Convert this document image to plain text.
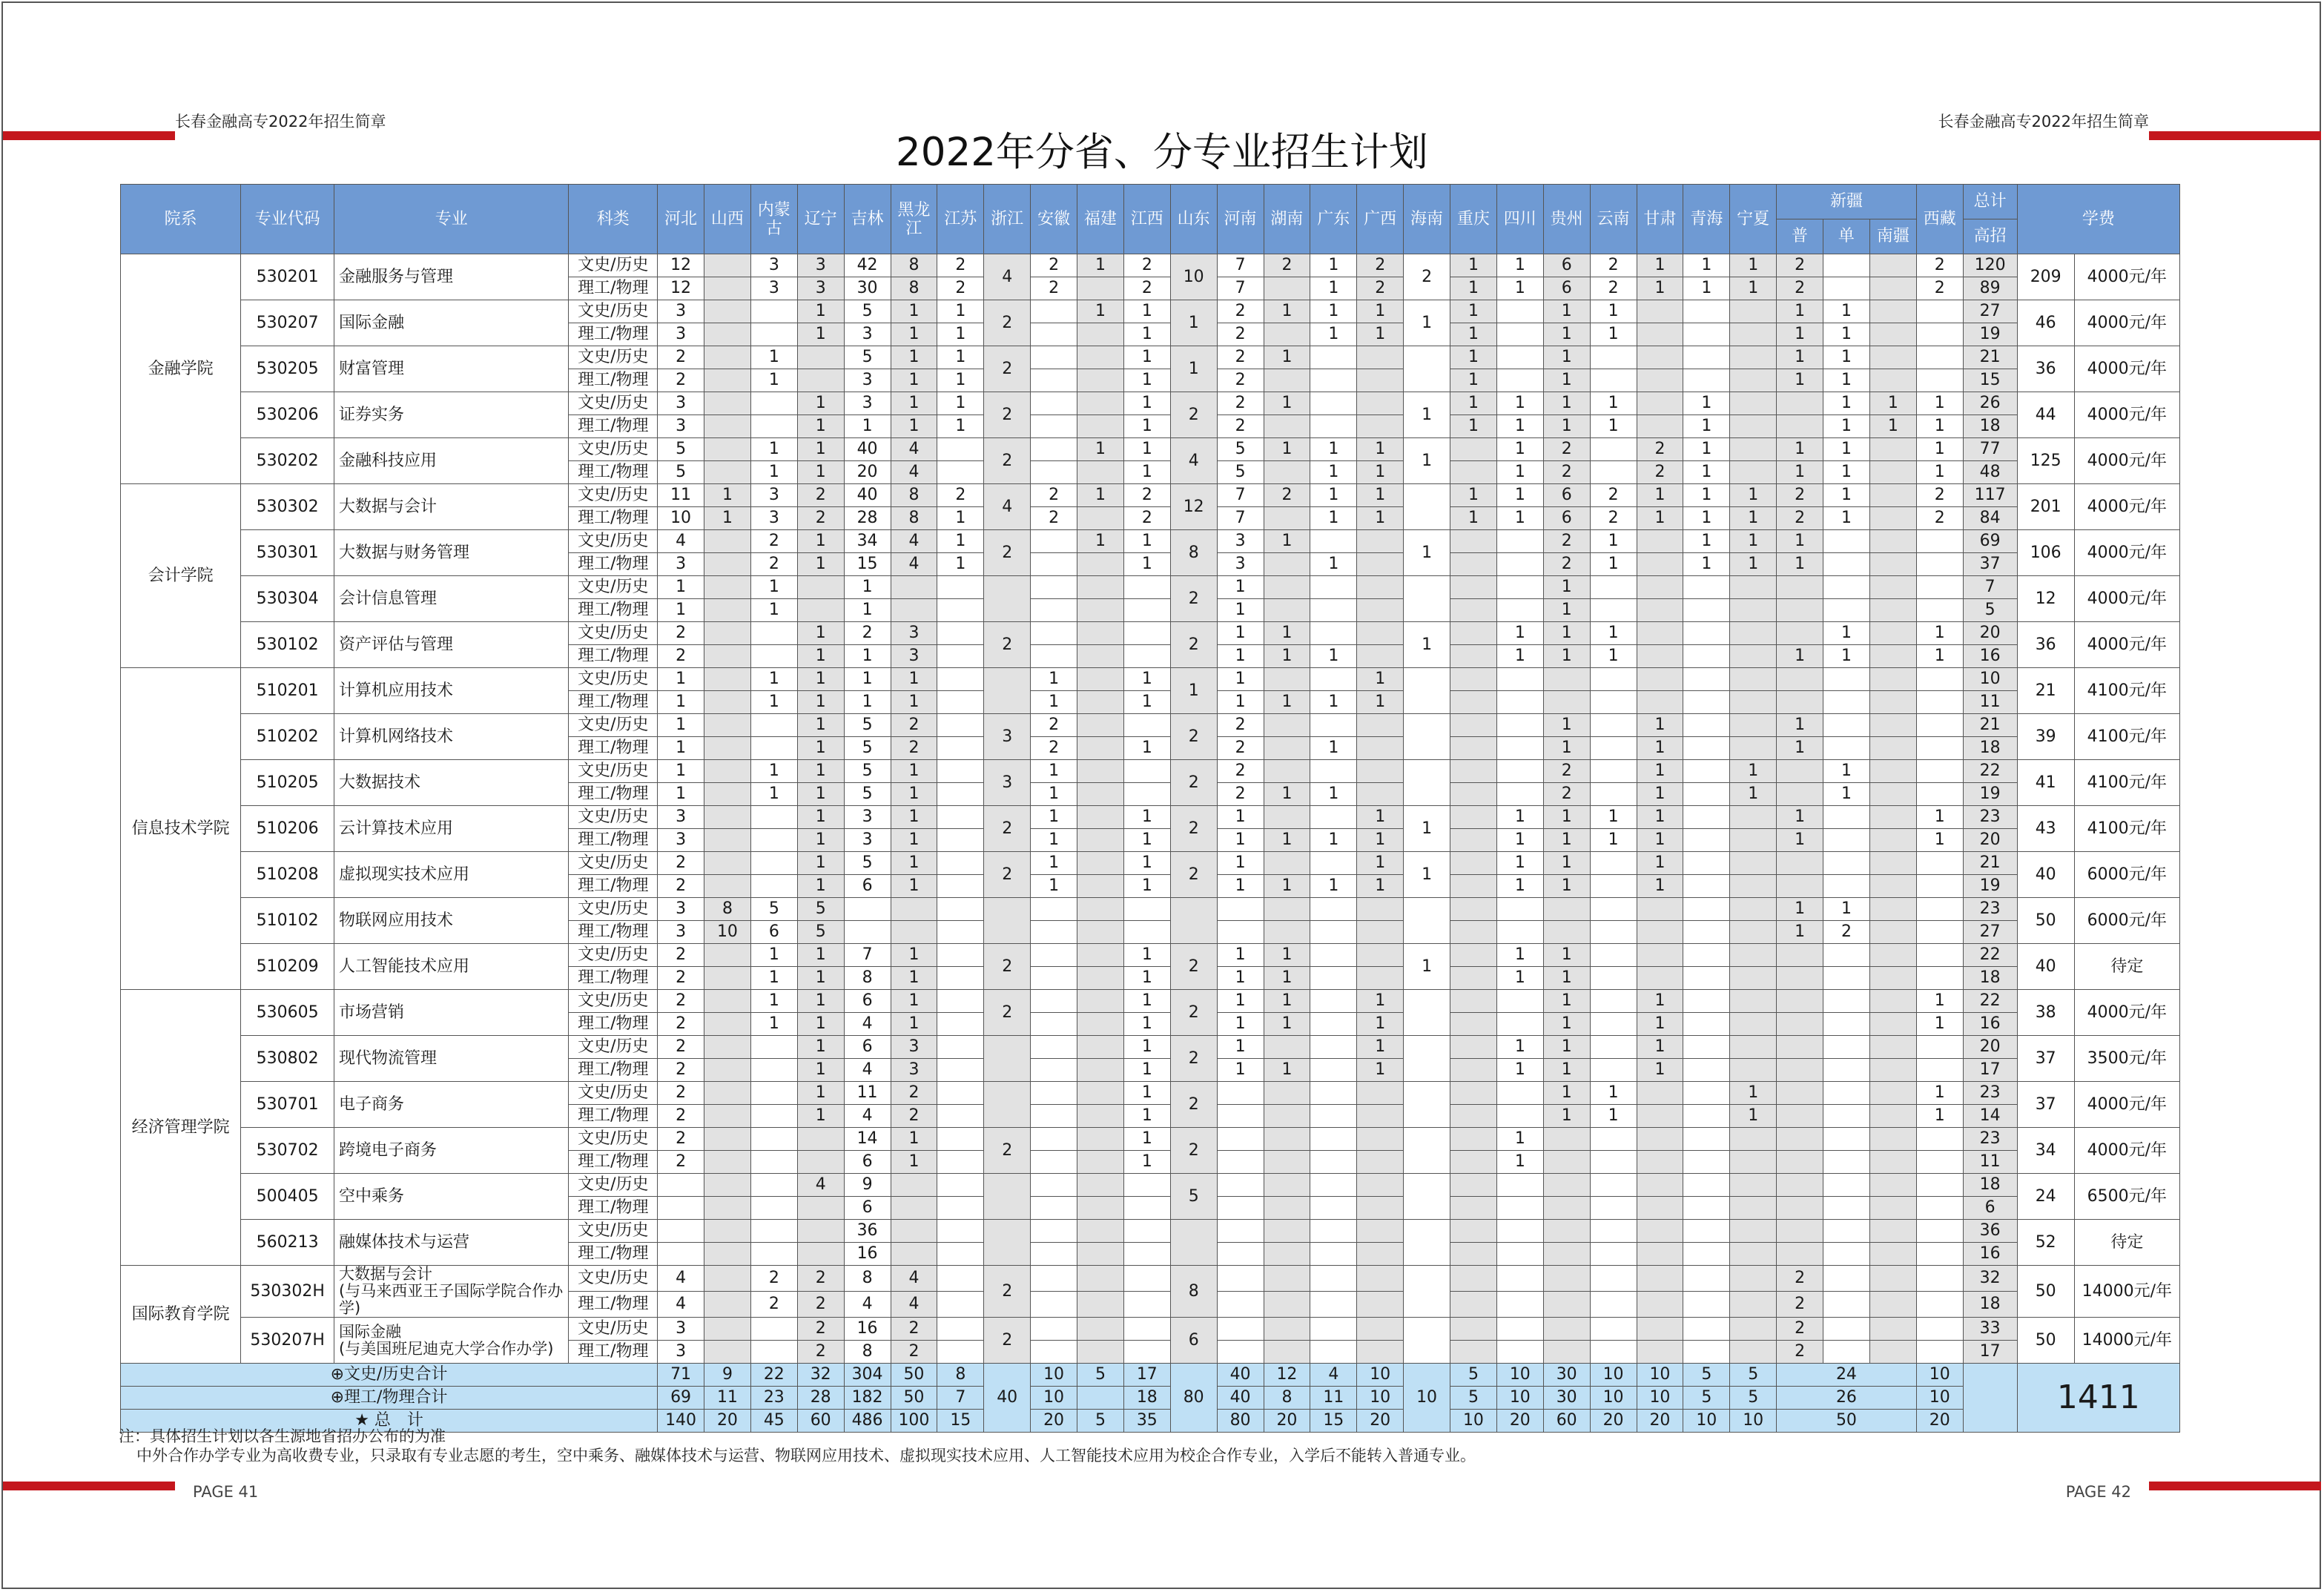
长春金融高专2022年招生简章	长春金融高专2022年招生简章
2022年分省、分专业招生计划
院系	专业代码	专业	科类	河北	山西	内蒙古	辽宁	吉林	黑龙江	江苏	浙江	安徽	福建	江西	山东	河南	湖南	广东	广西	海南	重庆	四川	贵州	云南	甘肃	青海	宁夏	新疆			西藏	总计	学费	
																												普	单	南疆		高招		
金融学院	530201	金融服务与管理	文史/历史	12		3	3	42	8	2	4	2	1	2	10	7	2	1	2	2	1	1	6	2	1	1	1	2			2	120	209	4000元/年
			理工/物理	12		3	3	30	8	2		2		2		7		1	2		1	1	6	2	1	1	1	2			2	89		
	530207	国际金融	文史/历史	3			1	5	1	1	2		1	1	1	2	1	1	1	1	1		1	1				1	1			27	46	4000元/年
			理工/物理	3			1	3	1	1				1		2		1	1		1		1	1				1	1			19		
	530205	财富管理	文史/历史	2		1		5	1	1	2			1	1	2	1				1		1					1	1			21	36	4000元/年
			理工/物理	2		1		3	1	1				1		2					1		1					1	1			15		
	530206	证券实务	文史/历史	3			1	3	1	1	2			1	2	2	1			1	1	1	1	1		1			1	1	1	26	44	4000元/年
			理工/物理	3			1	1	1	1				1		2					1	1	1	1		1			1	1	1	18		
	530202	金融科技应用	文史/历史	5		1	1	40	4		2		1	1	4	5	1	1	1	1		1	2		2	1		1	1		1	77	125	4000元/年
			理工/物理	5		1	1	20	4					1		5		1	1			1	2		2	1		1	1		1	48		
会计学院	530302	大数据与会计	文史/历史	11	1	3	2	40	8	2	4	2	1	2	12	7	2	1	1		1	1	6	2	1	1	1	2	1		2	117	201	4000元/年
			理工/物理	10	1	3	2	28	8	1		2		2		7		1	1		1	1	6	2	1	1	1	2	1		2	84		
	530301	大数据与财务管理	文史/历史	4		2	1	34	4	1	2		1	1	8	3	1			1			2	1		1	1	1				69	106	4000元/年
			理工/物理	3		2	1	15	4	1				1		3		1					2	1		1	1	1				37		
	530304	会计信息管理	文史/历史	1		1		1							2	1							1									7	12	4000元/年
			理工/物理	1		1		1								1							1									5		
	530102	资产评估与管理	文史/历史	2			1	2	3		2				2	1	1			1		1	1	1					1		1	20	36	4000元/年
			理工/物理	2			1	1	3							1	1	1				1	1	1				1	1		1	16		
信息技术学院	510201	计算机应用技术	文史/历史	1		1	1	1	1			1		1	1	1			1													10	21	4100元/年
			理工/物理	1		1	1	1	1			1		1		1	1	1	1													11		
	510202	计算机网络技术	文史/历史	1			1	5	2		3	2			2	2							1		1			1				21	39	4100元/年
			理工/物理	1			1	5	2			2		1		2		1					1		1			1				18		
	510205	大数据技术	文史/历史	1		1	1	5	1		3	1			2	2							2		1		1		1			22	41	4100元/年
			理工/物理	1		1	1	5	1			1				2	1	1					2		1		1		1			19		
	510206	云计算技术应用	文史/历史	3			1	3	1		2	1		1	2	1			1	1		1	1	1	1			1			1	23	43	4100元/年
			理工/物理	3			1	3	1			1		1		1	1	1	1			1	1	1	1			1			1	20		
	510208	虚拟现实技术应用	文史/历史	2			1	5	1		2	1		1	2	1			1	1		1	1		1							21	40	6000元/年
			理工/物理	2			1	6	1			1		1		1	1	1	1			1	1		1							19		
	510102	物联网应用技术	文史/历史	3	8	5	5																					1	1			23	50	6000元/年
			理工/物理	3	10	6	5																					1	2			27		
	510209	人工智能技术应用	文史/历史	2		1	1	7	1		2			1	2	1	1			1		1	1									22	40	待定
			理工/物理	2		1	1	8	1					1		1	1					1	1									18		
经济管理学院	530605	市场营销	文史/历史	2		1	1	6	1		2			1	2	1	1		1				1		1						1	22	38	4000元/年
			理工/物理	2		1	1	4	1					1		1	1		1				1		1						1	16		
	530802	现代物流管理	文史/历史	2			1	6	3					1	2	1			1			1	1		1							20	37	3500元/年
			理工/物理	2			1	4	3					1		1	1		1			1	1		1							17		
	530701	电子商务	文史/历史	2			1	11	2					1	2								1	1			1				1	23	37	4000元/年
			理工/物理	2			1	4	2					1									1	1			1				1	14		
	530702	跨境电子商务	文史/历史	2				14	1		2			1	2							1										23	34	4000元/年
			理工/物理	2				6	1					1								1										11		
	500405	空中乘务	文史/历史				4	9							5																	18	24	6500元/年
			理工/物理					6																								6		
	560213	融媒体技术与运营	文史/历史					36																								36	52	待定
			理工/物理					16																								16		
国际教育学院	530302H	大数据与会计
(与马来西亚王子国际学院合作办学)	文史/历史	4		2	2	8	4		2				8													2				32	50	14000元/年
			理工/物理	4		2	2	4	4																			2				18		
	530207H	国际金融
(与美国班尼迪克大学合作办学)	文史/历史	3			2	16	2		2				6													2				33	50	14000元/年
			理工/物理	3			2	8	2																			2				17		
⊕文史/历史合计				71	9	22	32	304	50	8	40	10	5	17	80	40	12	4	10	10	5	10	30	10	10	5	5	24			10		1411	
⊕理工/物理合计				69	11	23	28	182	50	7		10		18		40	8	11	10		5	10	30	10	10	5	5	26			10			
★ 总　计				140	20	45	60	486	100	15		20	5	35		80	20	15	20		10	20	60	20	20	10	10	50			20			
注：具体招生计划以各生源地省招办公布的为准
中外合作办学专业为高收费专业，只录取有专业志愿的考生，空中乘务、融媒体技术与运营、物联网应用技术、虚拟现实技术应用、人工智能技术应用为校企合作专业，入学后不能转入普通专业。
PAGE 41	PAGE 42
